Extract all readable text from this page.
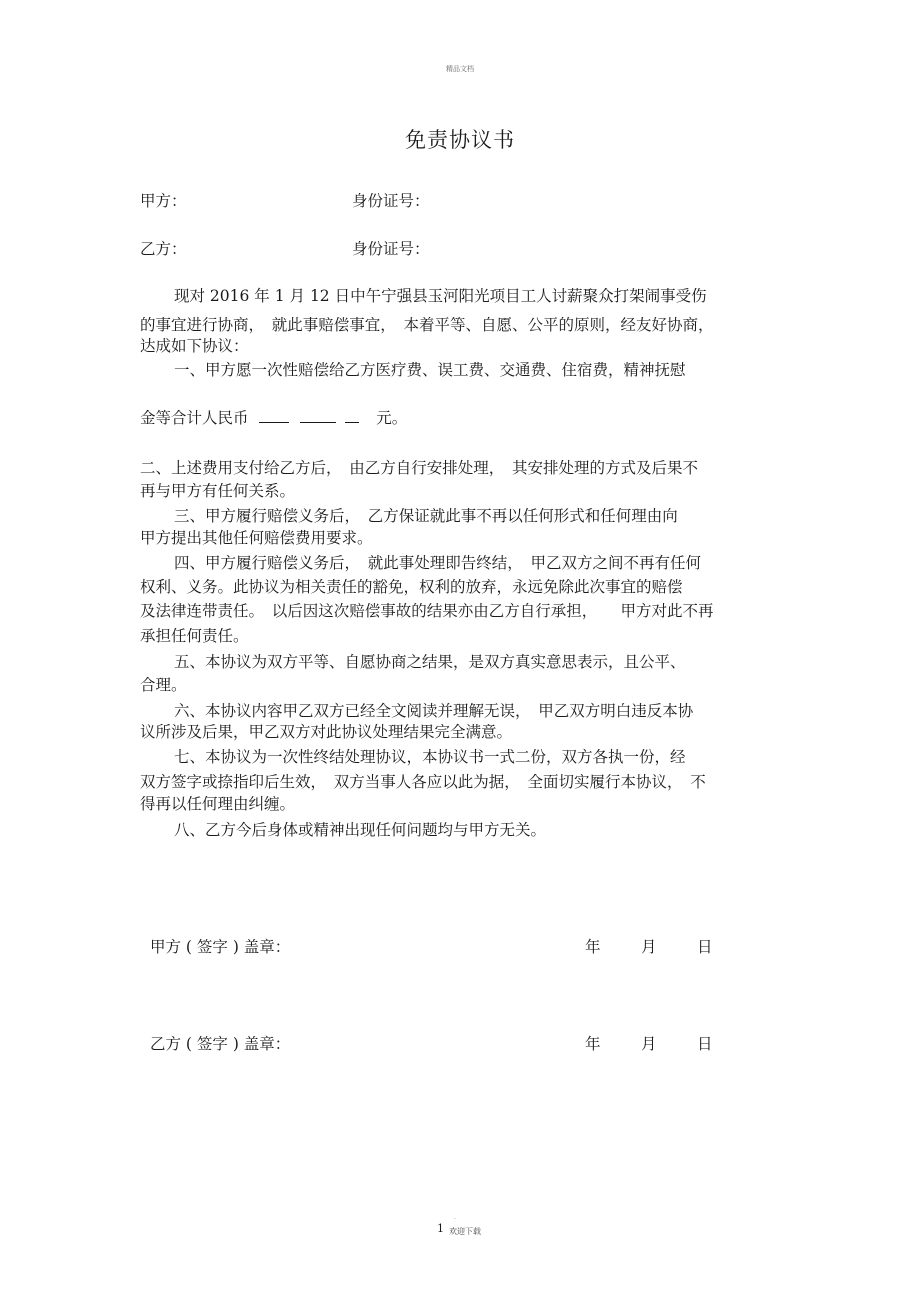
精品文档
免责协议书
甲方：	身份证号：
乙方：	身份证号：
现对 2016 年 1 月 12 日中午宁强县玉河阳光项目工人讨薪聚众打架闹事受伤
的事宜进行协商，　就此事赔偿事宜，　本着平等、自愿、公平的原则，经友好协商，
达成如下协议：
一、甲方愿一次性赔偿给乙方医疗费、误工费、交通费、住宿费，精神抚慰
金等合计人民币	元。
二、上述费用支付给乙方后，　由乙方自行安排处理，　其安排处理的方式及后果不
再与甲方有任何关系。
三、甲方履行赔偿义务后，　乙方保证就此事不再以任何形式和任何理由向
甲方提出其他任何赔偿费用要求。
四、甲方履行赔偿义务后，　就此事处理即告终结，　甲乙双方之间不再有任何
权利、义务。此协议为相关责任的豁免，权利的放弃，永远免除此次事宜的赔偿
及法律连带责任。　以后因这次赔偿事故的结果亦由乙方自行承担，　　甲方对此不再
承担任何责任。
五、本协议为双方平等、自愿协商之结果，是双方真实意思表示，且公平、
合理。
六、本协议内容甲乙双方已经全文阅读并理解无误，　甲乙双方明白违反本协
议所涉及后果，甲乙双方对此协议处理结果完全满意。
七、本协议为一次性终结处理协议，本协议书一式二份，双方各执一份，经
双方签字或捺指印后生效，　双方当事人各应以此为据，　全面切实履行本协议，　不
得再以任何理由纠缠。
八、乙方今后身体或精神出现任何问题均与甲方无关。
甲方 ( 签字 ) 盖章：	年	月	日
乙方 ( 签字 ) 盖章：	年	月	日
.
1 欢迎下载
